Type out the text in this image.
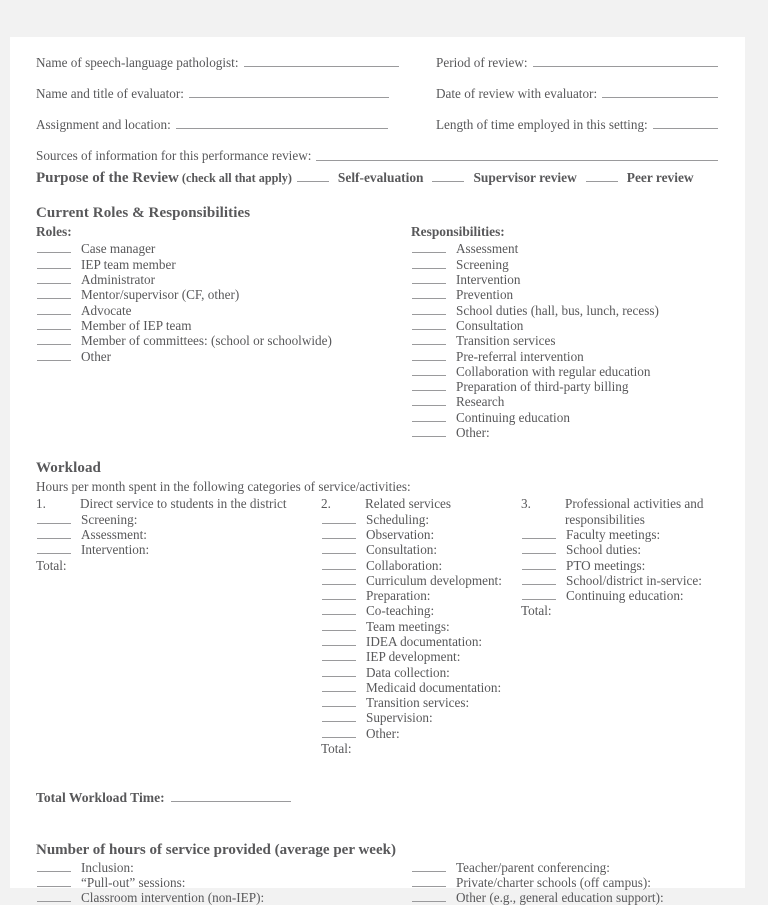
Name of speech-language pathologist:	Period of review:
Name and title of evaluator:	Date of review with evaluator:
Assignment and location:	Length of time employed in this setting:
Sources of information for this performance review:
Purpose of the Review (check all that apply)	Self-evaluation	Supervisor review	Peer review
Current Roles & Responsibilities
Roles:
Case manager
IEP team member
Administrator
Mentor/supervisor (CF, other)
Advocate
Member of IEP team
Member of committees: (school or schoolwide)
Other
Responsibilities:
Assessment
Screening
Intervention
Prevention
School duties (hall, bus, lunch, recess)
Consultation
Transition services
Pre-referral intervention
Collaboration with regular education
Preparation of third-party billing
Research
Continuing education
Other:
Workload

Hours per month spent in the following categories of service/activities:

1.	Direct service to students in the district
Screening:
Assessment:
Intervention:
Total:
2.	Related services
Scheduling:
Observation:
Consultation:
Collaboration:
Curriculum development:
Preparation:
Co-teaching:
Team meetings:
IDEA documentation:
IEP development:
Data collection:
Medicaid documentation:
Transition services:
Supervision:
Other:
Total:
3.	Professional activities and responsibilities
Faculty meetings:
School duties:
PTO meetings:
School/district in-service:
Continuing education:
Total:
Total Workload Time:
Number of hours of service provided (average per week)
Inclusion:
“Pull-out” sessions:
Classroom intervention (non-IEP):
Teacher/parent conferencing:
Private/charter schools (off campus):
Other (e.g., general education support):
